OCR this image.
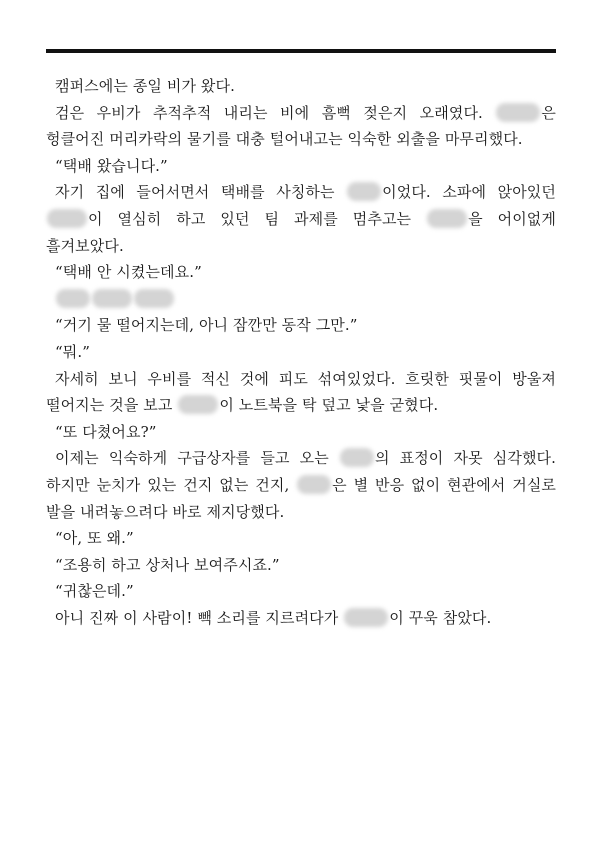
캠퍼스에는 종일 비가 왔다.

검은 우비가 추적추적 내리는 비에 흠뻑 젖은지 오래였다.	은 헝클어진 머리카락의 물기를 대충 털어내고는 익숙한 외출을 마무리했다.

“택배 왔습니다.”

자기 집에 들어서면서 택배를 사칭하는 이었다. 소파에 앉아있던 이 열심히 하고 있던 팀 과제를 멈추고는	을 어이없게 흘겨보았다.

“택배 안 시켰는데요.”

“거기 물 떨어지는데, 아니 잠깐만 동작 그만.”

“뭐.”

자세히 보니 우비를 적신 것에 피도 섞여있었다. 흐릿한 핏물이 방울져 떨어지는 것을 보고	이 노트북을 탁 덮고 낯을 굳혔다.

“또 다쳤어요?”

이제는 익숙하게 구급상자를 들고 오는 의 표정이 자못 심각했다. 하지만 눈치가 있는 건지 없는 건지, 은 별 반응 없이 현관에서 거실로 발을 내려놓으려다 바로 제지당했다.

“아, 또 왜.”

“조용히 하고 상처나 보여주시죠.”

“귀찮은데.”

아니 진짜 이 사람이! 빽 소리를 지르려다가	이 꾸욱 참았다.
